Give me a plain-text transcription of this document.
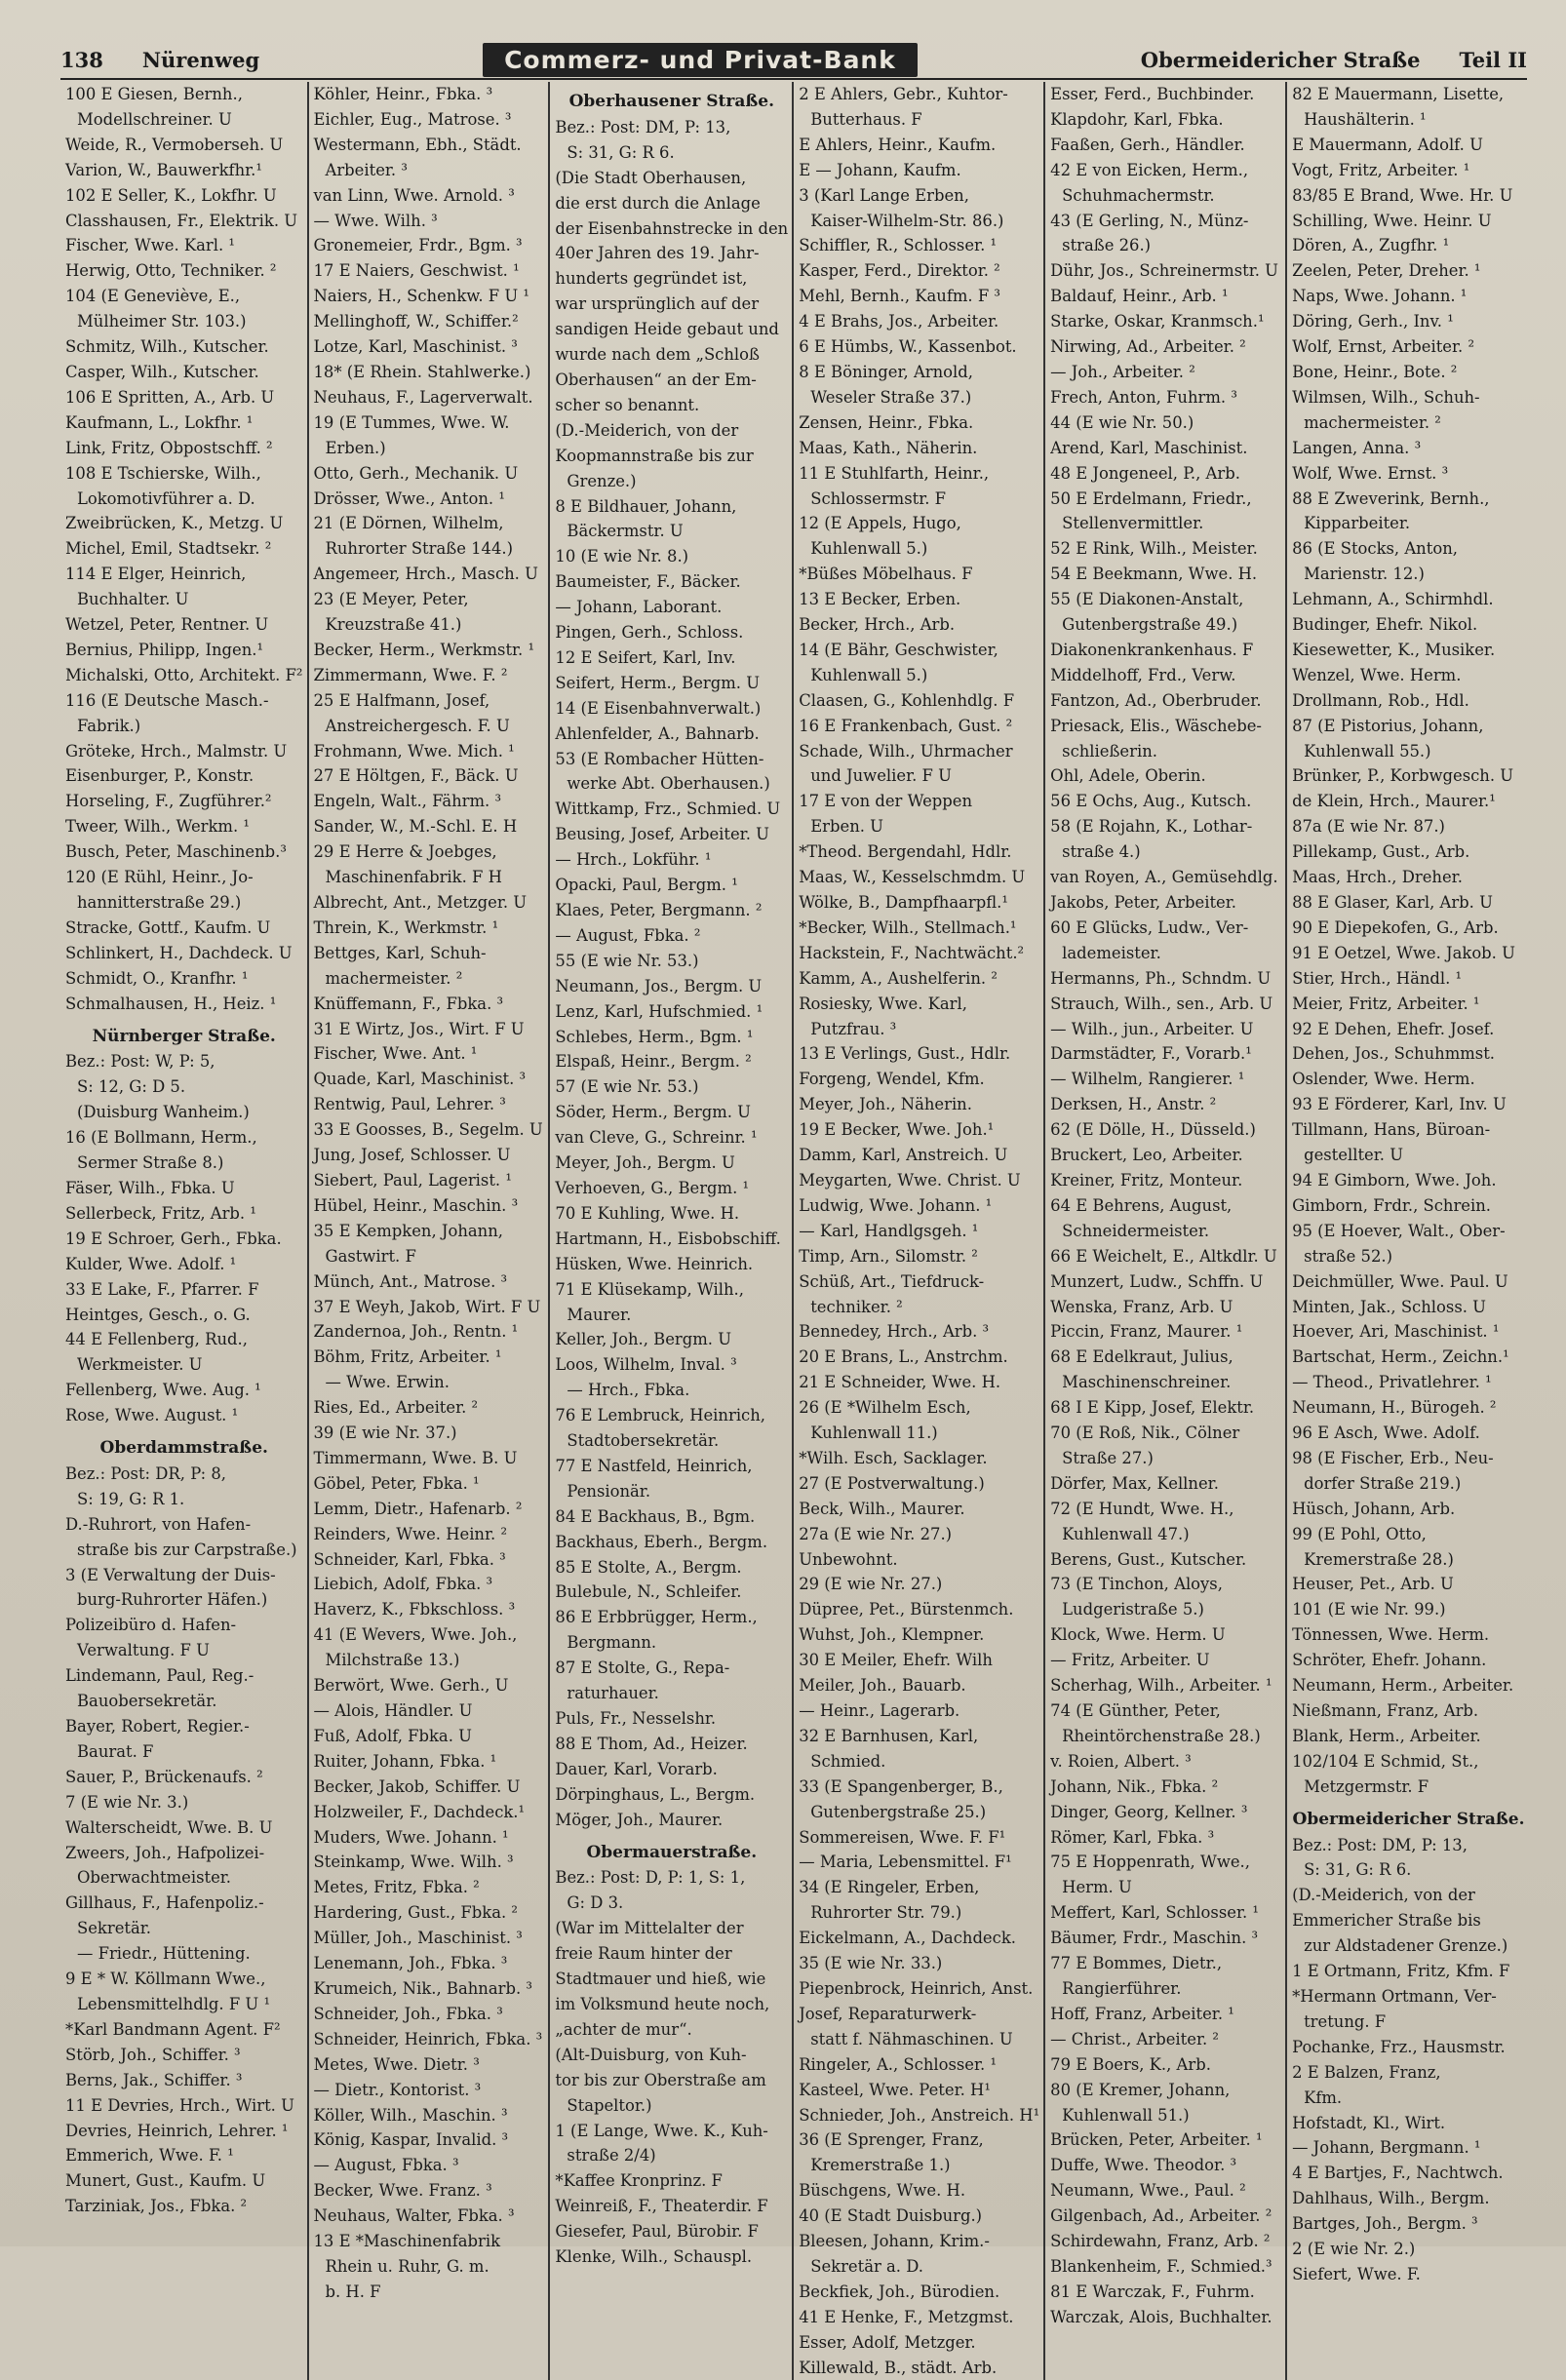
138 Nürenweg	Commerz- und Privat-Bank	Obermeidericher Straße Teil II
100 E Giesen, Bernh.,
Modellschreiner. U
Weide, R., Vermoberseh. U
Varion, W., Bauwerkfhr.¹
102 E Seller, K., Lokfhr. U
Classhausen, Fr., Elektrik. U
Fischer, Wwe. Karl. ¹
Herwig, Otto, Techniker. ²
104 (E Geneviève, E.,
Mülheimer Str. 103.)
Schmitz, Wilh., Kutscher.
Casper, Wilh., Kutscher.
106 E Spritten, A., Arb. U
Kaufmann, L., Lokfhr. ¹
Link, Fritz, Obpostschff. ²
108 E Tschierske, Wilh.,
Lokomotivführer a. D.
Zweibrücken, K., Metzg. U
Michel, Emil, Stadtsekr. ²
114 E Elger, Heinrich,
Buchhalter. U
Wetzel, Peter, Rentner. U
Bernius, Philipp, Ingen.¹
Michalski, Otto, Architekt. F²
116 (E Deutsche Masch.-
Fabrik.)
Gröteke, Hrch., Malmstr. U
Eisenburger, P., Konstr.
Horseling, F., Zugführer.²
Tweer, Wilh., Werkm. ¹
Busch, Peter, Maschinenb.³
120 (E Rühl, Heinr., Jo-
hannitterstraße 29.)
Stracke, Gottf., Kaufm. U
Schlinkert, H., Dachdeck. U
Schmidt, O., Kranfhr. ¹
Schmalhausen, H., Heiz. ¹
Nürnberger Straße.
Bez.: Post: W, P: 5,
S: 12, G: D 5.
(Duisburg Wanheim.)
16 (E Bollmann, Herm.,
Sermer Straße 8.)
Fäser, Wilh., Fbka. U
Sellerbeck, Fritz, Arb. ¹
19 E Schroer, Gerh., Fbka.
Kulder, Wwe. Adolf. ¹
33 E Lake, F., Pfarrer. F
Heintges, Gesch., o. G.
44 E Fellenberg, Rud.,
Werkmeister. U
Fellenberg, Wwe. Aug. ¹
Rose, Wwe. August. ¹
Oberdammstraße.
Bez.: Post: DR, P: 8,
S: 19, G: R 1.
D.-Ruhrort, von Hafen-
straße bis zur Carpstraße.)
3 (E Verwaltung der Duis-
burg-Ruhrorter Häfen.)
Polizeibüro d. Hafen-
Verwaltung. F U
Lindemann, Paul, Reg.-
Bauobersekretär.
Bayer, Robert, Regier.-
Baurat. F
Sauer, P., Brückenaufs. ²
7 (E wie Nr. 3.)
Walterscheidt, Wwe. B. U
Zweers, Joh., Hafpolizei-
Oberwachtmeister.
Gillhaus, F., Hafenpoliz.-
Sekretär.
— Friedr., Hüttening.
9 E * W. Köllmann Wwe.,
Lebensmittelhdlg. F U ¹
*Karl Bandmann Agent. F²
Störb, Joh., Schiffer. ³
Berns, Jak., Schiffer. ³
11 E Devries, Hrch., Wirt. U
Devries, Heinrich, Lehrer. ¹
Emmerich, Wwe. F. ¹
Munert, Gust., Kaufm. U
Tarziniak, Jos., Fbka. ²
Köhler, Heinr., Fbka. ³
Eichler, Eug., Matrose. ³
Westermann, Ebh., Städt.
Arbeiter. ³
van Linn, Wwe. Arnold. ³
— Wwe. Wilh. ³
Gronemeier, Frdr., Bgm. ³
17 E Naiers, Geschwist. ¹
Naiers, H., Schenkw. F U ¹
Mellinghoff, W., Schiffer.²
Lotze, Karl, Maschinist. ³
18* (E Rhein. Stahlwerke.)
Neuhaus, F., Lagerverwalt.
19 (E Tummes, Wwe. W.
Erben.)
Otto, Gerh., Mechanik. U
Drösser, Wwe., Anton. ¹
21 (E Dörnen, Wilhelm,
Ruhrorter Straße 144.)
Angemeer, Hrch., Masch. U
23 (E Meyer, Peter,
Kreuzstraße 41.)
Becker, Herm., Werkmstr. ¹
Zimmermann, Wwe. F. ²
25 E Halfmann, Josef,
Anstreichergesch. F. U
Frohmann, Wwe. Mich. ¹
27 E Höltgen, F., Bäck. U
Engeln, Walt., Fährm. ³
Sander, W., M.-Schl. E. H
29 E Herre & Joebges,
Maschinenfabrik. F H
Albrecht, Ant., Metzger. U
Threin, K., Werkmstr. ¹
Bettges, Karl, Schuh-
machermeister. ²
Knüffemann, F., Fbka. ³
31 E Wirtz, Jos., Wirt. F U
Fischer, Wwe. Ant. ¹
Quade, Karl, Maschinist. ³
Rentwig, Paul, Lehrer. ³
33 E Goosses, B., Segelm. U
Jung, Josef, Schlosser. U
Siebert, Paul, Lagerist. ¹
Hübel, Heinr., Maschin. ³
35 E Kempken, Johann,
Gastwirt. F
Münch, Ant., Matrose. ³
37 E Weyh, Jakob, Wirt. F U
Zandernoa, Joh., Rentn. ¹
Böhm, Fritz, Arbeiter. ¹
— Wwe. Erwin.
Ries, Ed., Arbeiter. ²
39 (E wie Nr. 37.)
Timmermann, Wwe. B. U
Göbel, Peter, Fbka. ¹
Lemm, Dietr., Hafenarb. ²
Reinders, Wwe. Heinr. ²
Schneider, Karl, Fbka. ³
Liebich, Adolf, Fbka. ³
Haverz, K., Fbkschloss. ³
41 (E Wevers, Wwe. Joh.,
Milchstraße 13.)
Berwört, Wwe. Gerh., U
— Alois, Händler. U
Fuß, Adolf, Fbka. U
Ruiter, Johann, Fbka. ¹
Becker, Jakob, Schiffer. U
Holzweiler, F., Dachdeck.¹
Muders, Wwe. Johann. ¹
Steinkamp, Wwe. Wilh. ³
Metes, Fritz, Fbka. ²
Hardering, Gust., Fbka. ²
Müller, Joh., Maschinist. ³
Lenemann, Joh., Fbka. ³
Krumeich, Nik., Bahnarb. ³
Schneider, Joh., Fbka. ³
Schneider, Heinrich, Fbka. ³
Metes, Wwe. Dietr. ³
— Dietr., Kontorist. ³
Köller, Wilh., Maschin. ³
König, Kaspar, Invalid. ³
— August, Fbka. ³
Becker, Wwe. Franz. ³
Neuhaus, Walter, Fbka. ³
13 E *Maschinenfabrik
Rhein u. Ruhr, G. m.
b. H. F
Oberhausener Straße.
Bez.: Post: DM, P: 13,
S: 31, G: R 6.
(Die Stadt Oberhausen,
die erst durch die Anlage
der Eisenbahnstrecke in den
40er Jahren des 19. Jahr-
hunderts gegründet ist,
war ursprünglich auf der
sandigen Heide gebaut und
wurde nach dem „Schloß
Oberhausen“ an der Em-
scher so benannt.
(D.-Meiderich, von der
Koopmannstraße bis zur
Grenze.)
8 E Bildhauer, Johann,
Bäckermstr. U
10 (E wie Nr. 8.)
Baumeister, F., Bäcker.
— Johann, Laborant.
Pingen, Gerh., Schloss.
12 E Seifert, Karl, Inv.
Seifert, Herm., Bergm. U
14 (E Eisenbahnverwalt.)
Ahlenfelder, A., Bahnarb.
53 (E Rombacher Hütten-
werke Abt. Oberhausen.)
Wittkamp, Frz., Schmied. U
Beusing, Josef, Arbeiter. U
— Hrch., Lokführ. ¹
Opacki, Paul, Bergm. ¹
Klaes, Peter, Bergmann. ²
— August, Fbka. ²
55 (E wie Nr. 53.)
Neumann, Jos., Bergm. U
Lenz, Karl, Hufschmied. ¹
Schlebes, Herm., Bgm. ¹
Elspaß, Heinr., Bergm. ²
57 (E wie Nr. 53.)
Söder, Herm., Bergm. U
van Cleve, G., Schreinr. ¹
Meyer, Joh., Bergm. U
Verhoeven, G., Bergm. ¹
70 E Kuhling, Wwe. H.
Hartmann, H., Eisbobschiff.
Hüsken, Wwe. Heinrich.
71 E Klüsekamp, Wilh.,
Maurer.
Keller, Joh., Bergm. U
Loos, Wilhelm, Inval. ³
— Hrch., Fbka.
76 E Lembruck, Heinrich,
Stadtobersekretär.
77 E Nastfeld, Heinrich,
Pensionär.
84 E Backhaus, B., Bgm.
Backhaus, Eberh., Bergm.
85 E Stolte, A., Bergm.
Bulebule, N., Schleifer.
86 E Erbbrügger, Herm.,
Bergmann.
87 E Stolte, G., Repa-
raturhauer.
Puls, Fr., Nesselshr.
88 E Thom, Ad., Heizer.
Dauer, Karl, Vorarb.
Dörpinghaus, L., Bergm.
Möger, Joh., Maurer.
Obermauerstraße.
Bez.: Post: D, P: 1, S: 1,
G: D 3.
(War im Mittelalter der
freie Raum hinter der
Stadtmauer und hieß, wie
im Volksmund heute noch,
„achter de mur“.
(Alt-Duisburg, von Kuh-
tor bis zur Oberstraße am
Stapeltor.)
1 (E Lange, Wwe. K., Kuh-
straße 2/4)
*Kaffee Kronprinz. F
Weinreiß, F., Theaterdir. F
Giesefer, Paul, Bürobir. F
Klenke, Wilh., Schauspl.
2 E Ahlers, Gebr., Kuhtor-
Butterhaus. F
E Ahlers, Heinr., Kaufm.
E — Johann, Kaufm.
3 (Karl Lange Erben,
Kaiser-Wilhelm-Str. 86.)
Schiffler, R., Schlosser. ¹
Kasper, Ferd., Direktor. ²
Mehl, Bernh., Kaufm. F ³
4 E Brahs, Jos., Arbeiter.
6 E Hümbs, W., Kassenbot.
8 E Böninger, Arnold,
Weseler Straße 37.)
Zensen, Heinr., Fbka.
Maas, Kath., Näherin.
11 E Stuhlfarth, Heinr.,
Schlossermstr. F
12 (E Appels, Hugo,
Kuhlenwall 5.)
*Büßes Möbelhaus. F
13 E Becker, Erben.
Becker, Hrch., Arb.
14 (E Bähr, Geschwister,
Kuhlenwall 5.)
Claasen, G., Kohlenhdlg. F
16 E Frankenbach, Gust. ²
Schade, Wilh., Uhrmacher
und Juwelier. F U
17 E von der Weppen
Erben. U
*Theod. Bergendahl, Hdlr.
Maas, W., Kesselschmdm. U
Wölke, B., Dampfhaarpfl.¹
*Becker, Wilh., Stellmach.¹
Hackstein, F., Nachtwächt.²
Kamm, A., Aushelferin. ²
Rosiesky, Wwe. Karl,
Putzfrau. ³
13 E Verlings, Gust., Hdlr.
Forgeng, Wendel, Kfm.
Meyer, Joh., Näherin.
19 E Becker, Wwe. Joh.¹
Damm, Karl, Anstreich. U
Meygarten, Wwe. Christ. U
Ludwig, Wwe. Johann. ¹
— Karl, Handlgsgeh. ¹
Timp, Arn., Silomstr. ²
Schüß, Art., Tiefdruck-
techniker. ²
Bennedey, Hrch., Arb. ³
20 E Brans, L., Anstrchm.
21 E Schneider, Wwe. H.
26 (E *Wilhelm Esch,
Kuhlenwall 11.)
*Wilh. Esch, Sacklager.
27 (E Postverwaltung.)
Beck, Wilh., Maurer.
27a (E wie Nr. 27.)
Unbewohnt.
29 (E wie Nr. 27.)
Düpree, Pet., Bürstenmch.
Wuhst, Joh., Klempner.
30 E Meiler, Ehefr. Wilh
Meiler, Joh., Bauarb.
— Heinr., Lagerarb.
32 E Barnhusen, Karl,
Schmied.
33 (E Spangenberger, B.,
Gutenbergstraße 25.)
Sommereisen, Wwe. F. F¹
— Maria, Lebensmittel. F¹
34 (E Ringeler, Erben,
Ruhrorter Str. 79.)
Eickelmann, A., Dachdeck.
35 (E wie Nr. 33.)
Piepenbrock, Heinrich, Anst.
Josef, Reparaturwerk-
statt f. Nähmaschinen. U
Ringeler, A., Schlosser. ¹
Kasteel, Wwe. Peter. H¹
Schnieder, Joh., Anstreich. H¹
36 (E Sprenger, Franz,
Kremerstraße 1.)
Büschgens, Wwe. H.
40 (E Stadt Duisburg.)
Bleesen, Johann, Krim.-
Sekretär a. D.
Beckfiek, Joh., Bürodien.
41 E Henke, F., Metzgmst.
Esser, Adolf, Metzger.
Killewald, B., städt. Arb.
Esser, Ferd., Buchbinder.
Klapdohr, Karl, Fbka.
Faaßen, Gerh., Händler.
42 E von Eicken, Herm.,
Schuhmachermstr.
43 (E Gerling, N., Münz-
straße 26.)
Dühr, Jos., Schreinermstr. U
Baldauf, Heinr., Arb. ¹
Starke, Oskar, Kranmsch.¹
Nirwing, Ad., Arbeiter. ²
— Joh., Arbeiter. ²
Frech, Anton, Fuhrm. ³
44 (E wie Nr. 50.)
Arend, Karl, Maschinist.
48 E Jongeneel, P., Arb.
50 E Erdelmann, Friedr.,
Stellenvermittler.
52 E Rink, Wilh., Meister.
54 E Beekmann, Wwe. H.
55 (E Diakonen-Anstalt,
Gutenbergstraße 49.)
Diakonenkrankenhaus. F
Middelhoff, Frd., Verw.
Fantzon, Ad., Oberbruder.
Priesack, Elis., Wäschebe-
schließerin.
Ohl, Adele, Oberin.
56 E Ochs, Aug., Kutsch.
58 (E Rojahn, K., Lothar-
straße 4.)
van Royen, A., Gemüsehdlg.
Jakobs, Peter, Arbeiter.
60 E Glücks, Ludw., Ver-
lademeister.
Hermanns, Ph., Schndm. U
Strauch, Wilh., sen., Arb. U
— Wilh., jun., Arbeiter. U
Darmstädter, F., Vorarb.¹
— Wilhelm, Rangierer. ¹
Derksen, H., Anstr. ²
62 (E Dölle, H., Düsseld.)
Bruckert, Leo, Arbeiter.
Kreiner, Fritz, Monteur.
64 E Behrens, August,
Schneidermeister.
66 E Weichelt, E., Altkdlr. U
Munzert, Ludw., Schffn. U
Wenska, Franz, Arb. U
Piccin, Franz, Maurer. ¹
68 E Edelkraut, Julius,
Maschinenschreiner.
68 I E Kipp, Josef, Elektr.
70 (E Roß, Nik., Cölner
Straße 27.)
Dörfer, Max, Kellner.
72 (E Hundt, Wwe. H.,
Kuhlenwall 47.)
Berens, Gust., Kutscher.
73 (E Tinchon, Aloys,
Ludgeristraße 5.)
Klock, Wwe. Herm. U
— Fritz, Arbeiter. U
Scherhag, Wilh., Arbeiter. ¹
74 (E Günther, Peter,
Rheintörchenstraße 28.)
v. Roien, Albert. ³
Johann, Nik., Fbka. ²
Dinger, Georg, Kellner. ³
Römer, Karl, Fbka. ³
75 E Hoppenrath, Wwe.,
Herm. U
Meffert, Karl, Schlosser. ¹
Bäumer, Frdr., Maschin. ³
77 E Bommes, Dietr.,
Rangierführer.
Hoff, Franz, Arbeiter. ¹
— Christ., Arbeiter. ²
79 E Boers, K., Arb.
80 (E Kremer, Johann,
Kuhlenwall 51.)
Brücken, Peter, Arbeiter. ¹
Duffe, Wwe. Theodor. ³
Neumann, Wwe., Paul. ²
Gilgenbach, Ad., Arbeiter. ²
Schirdewahn, Franz, Arb. ²
Blankenheim, F., Schmied.³
81 E Warczak, F., Fuhrm.
Warczak, Alois, Buchhalter.
82 E Mauermann, Lisette,
Haushälterin. ¹
E Mauermann, Adolf. U
Vogt, Fritz, Arbeiter. ¹
83/85 E Brand, Wwe. Hr. U
Schilling, Wwe. Heinr. U
Dören, A., Zugfhr. ¹
Zeelen, Peter, Dreher. ¹
Naps, Wwe. Johann. ¹
Döring, Gerh., Inv. ¹
Wolf, Ernst, Arbeiter. ²
Bone, Heinr., Bote. ²
Wilmsen, Wilh., Schuh-
machermeister. ²
Langen, Anna. ³
Wolf, Wwe. Ernst. ³
88 E Zweverink, Bernh.,
Kipparbeiter.
86 (E Stocks, Anton,
Marienstr. 12.)
Lehmann, A., Schirmhdl.
Budinger, Ehefr. Nikol.
Kiesewetter, K., Musiker.
Wenzel, Wwe. Herm.
Drollmann, Rob., Hdl.
87 (E Pistorius, Johann,
Kuhlenwall 55.)
Brünker, P., Korbwgesch. U
de Klein, Hrch., Maurer.¹
87a (E wie Nr. 87.)
Pillekamp, Gust., Arb.
Maas, Hrch., Dreher.
88 E Glaser, Karl, Arb. U
90 E Diepekofen, G., Arb.
91 E Oetzel, Wwe. Jakob. U
Stier, Hrch., Händl. ¹
Meier, Fritz, Arbeiter. ¹
92 E Dehen, Ehefr. Josef.
Dehen, Jos., Schuhmmst.
Oslender, Wwe. Herm.
93 E Förderer, Karl, Inv. U
Tillmann, Hans, Büroan-
gestellter. U
94 E Gimborn, Wwe. Joh.
Gimborn, Frdr., Schrein.
95 (E Hoever, Walt., Ober-
straße 52.)
Deichmüller, Wwe. Paul. U
Minten, Jak., Schloss. U
Hoever, Ari, Maschinist. ¹
Bartschat, Herm., Zeichn.¹
— Theod., Privatlehrer. ¹
Neumann, H., Bürogeh. ²
96 E Asch, Wwe. Adolf.
98 (E Fischer, Erb., Neu-
dorfer Straße 219.)
Hüsch, Johann, Arb.
99 (E Pohl, Otto,
Kremerstraße 28.)
Heuser, Pet., Arb. U
101 (E wie Nr. 99.)
Tönnessen, Wwe. Herm.
Schröter, Ehefr. Johann.
Neumann, Herm., Arbeiter.
Nießmann, Franz, Arb.
Blank, Herm., Arbeiter.
102/104 E Schmid, St.,
Metzgermstr. F
Obermeidericher Straße.
Bez.: Post: DM, P: 13,
S: 31, G: R 6.
(D.-Meiderich, von der
Emmericher Straße bis
zur Aldstadener Grenze.)
1 E Ortmann, Fritz, Kfm. F
*Hermann Ortmann, Ver-
tretung. F
Pochanke, Frz., Hausmstr.
2 E Balzen, Franz,
Kfm.
Hofstadt, Kl., Wirt.
— Johann, Bergmann. ¹
4 E Bartjes, F., Nachtwch.
Dahlhaus, Wilh., Bergm.
Bartges, Joh., Bergm. ³
2 (E wie Nr. 2.)
Siefert, Wwe. F.
